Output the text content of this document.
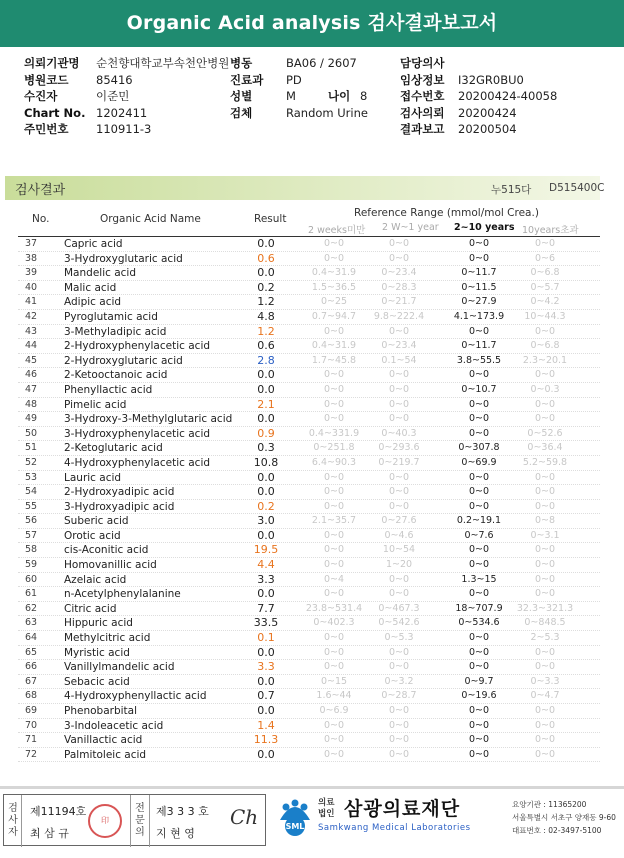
Organic Acid analysis 검사결과보고서
의뢰기관명 순천향대학교부속천안병원 병동	BA06 / 2607	담당의사
병원코드 85416	진료과 PD	임상정보 I32GR0BU0
수진자	이준민	성별	M	나이 8	접수번호 20200424-40058
Chart No. 1202411	검체	Random Urine	검사의뢰 20200424
주민번호 110911-3	결과보고 20200504
검사결과	누515다 D515400C
No.	Organic Acid Name	Result	Reference Range (mmol/mol Crea.)
2 weeks미만 2 W~1 year 2~10 years 10years초과
37	Capric acid	0.0	0~0	0~0	0~0	0~0
38	3-Hydroxyglutaric acid	0.6	0~0	0~0	0~0	0~6
39	Mandelic acid	0.0	0.4~31.9	0~23.4	0~11.7	0~6.8
40	Malic acid	0.2	1.5~36.5	0~28.3	0~11.5	0~5.7
41	Adipic acid	1.2	0~25	0~21.7	0~27.9	0~4.2
42	Pyroglutamic acid	4.8	0.7~94.7	9.8~222.4	4.1~173.9	10~44.3
43	3-Methyladipic acid	1.2	0~0	0~0	0~0	0~0
44	2-Hydroxyphenylacetic acid	0.6	0.4~31.9	0~23.4	0~11.7	0~6.8
45	2-Hydroxyglutaric acid	2.8	1.7~45.8	0.1~54	3.8~55.5	2.3~20.1
46	2-Ketooctanoic acid	0.0	0~0	0~0	0~0	0~0
47	Phenyllactic acid	0.0	0~0	0~0	0~10.7	0~0.3
48	Pimelic acid	2.1	0~0	0~0	0~0	0~0
49	3-Hydroxy-3-Methylglutaric acid	0.0	0~0	0~0	0~0	0~0
50	3-Hydroxyphenylacetic acid	0.9	0.4~331.9	0~40.3	0~0	0~52.6
51	2-Ketoglutaric acid	0.3	0~251.8	0~293.6	0~307.8	0~36.4
52	4-Hydroxyphenylacetic acid	10.8	6.4~90.3	0~219.7	0~69.9	5.2~59.8
53	Lauric acid	0.0	0~0	0~0	0~0	0~0
54	2-Hydroxyadipic acid	0.0	0~0	0~0	0~0	0~0
55	3-Hydroxyadipic acid	0.2	0~0	0~0	0~0	0~0
56	Suberic acid	3.0	2.1~35.7	0~27.6	0.2~19.1	0~8
57	Orotic acid	0.0	0~0	0~4.6	0~7.6	0~3.1
58	cis-Aconitic acid	19.5	0~0	10~54	0~0	0~0
59	Homovanillic acid	4.4	0~0	1~20	0~0	0~0
60	Azelaic acid	3.3	0~4	0~0	1.3~15	0~0
61	n-Acetylphenylalanine	0.0	0~0	0~0	0~0	0~0
62	Citric acid	7.7	23.8~531.4	0~467.3	18~707.9	32.3~321.3
63	Hippuric acid	33.5	0~402.3	0~542.6	0~534.6	0~848.5
64	Methylcitric acid	0.1	0~0	0~5.3	0~0	2~5.3
65	Myristic acid	0.0	0~0	0~0	0~0	0~0
66	Vanillylmandelic acid	3.3	0~0	0~0	0~0	0~0
67	Sebacic acid	0.0	0~15	0~3.2	0~9.7	0~3.3
68	4-Hydroxyphenyllactic acid	0.7	1.6~44	0~28.7	0~19.6	0~4.7
69	Phenobarbital	0.0	0~6.9	0~0	0~0	0~0
70	3-Indoleacetic acid	1.4	0~0	0~0	0~0	0~0
71	Vanillactic acid	11.3	0~0	0~0	0~0	0~0
72	Palmitoleic acid	0.0	0~0	0~0	0~0	0~0
검사자
제11194호
최 삼 규
印
전문의
제3 3 3 호
지 현 영
Ch	SML
의료
법인 삼광의료재단
Samkwang Medical Laboratories
요양기관 : 11365200
서울특별시 서초구 양재동 9-60
대표번호 : 02-3497-5100
